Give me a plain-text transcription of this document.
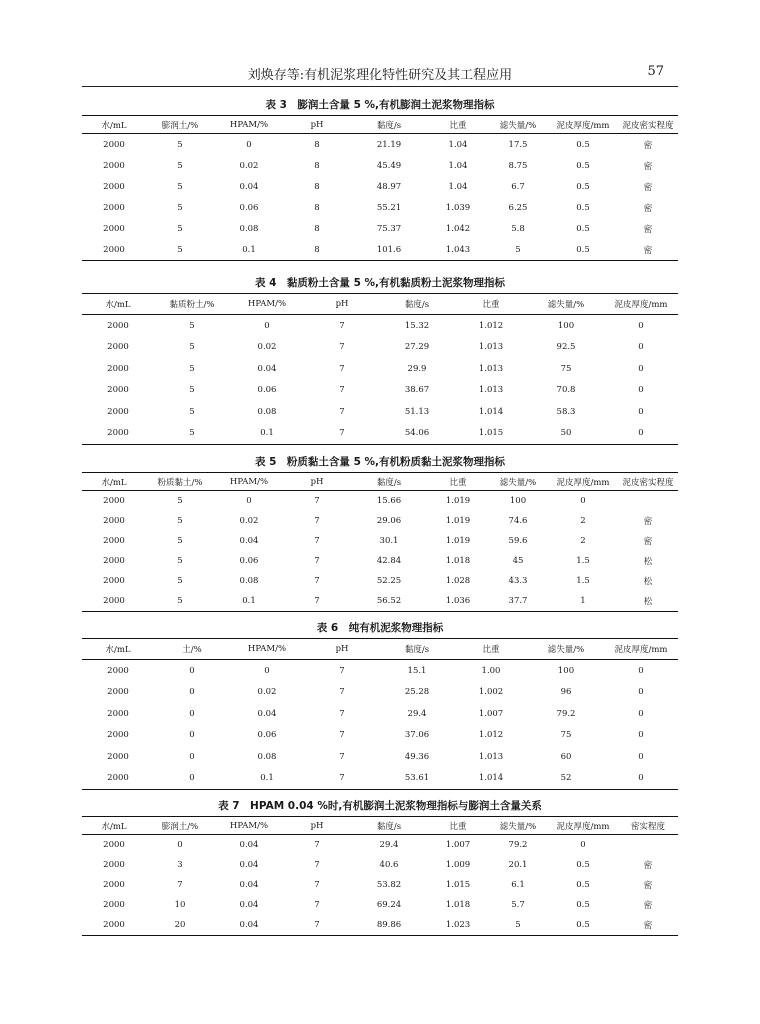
刘焕存等:有机泥浆理化特性研究及其工程应用	57
表 3　膨润土含量 5 %,有机膨润土泥浆物理指标
水/mL	膨润土/%	HPAM/%	pH	黏度/s	比重	滤失量/%	泥皮厚度/mm	泥皮密实程度
2000	5	0	8	21.19	1.04	17.5	0.5	密
2000	5	0.02	8	45.49	1.04	8.75	0.5	密
2000	5	0.04	8	48.97	1.04	6.7	0.5	密
2000	5	0.06	8	55.21	1.039	6.25	0.5	密
2000	5	0.08	8	75.37	1.042	5.8	0.5	密
2000	5	0.1	8	101.6	1.043	5	0.5	密
表 4　黏质粉土含量 5 %,有机黏质粉土泥浆物理指标
水/mL	黏质粉土/%	HPAM/%	pH	黏度/s	比重	滤失量/%	泥皮厚度/mm
2000	5	0	7	15.32	1.012	100	0
2000	5	0.02	7	27.29	1.013	92.5	0
2000	5	0.04	7	29.9	1.013	75	0
2000	5	0.06	7	38.67	1.013	70.8	0
2000	5	0.08	7	51.13	1.014	58.3	0
2000	5	0.1	7	54.06	1.015	50	0
表 5　粉质黏土含量 5 %,有机粉质黏土泥浆物理指标
水/mL	粉质黏土/%	HPAM/%	pH	黏度/s	比重	滤失量/%	泥皮厚度/mm	泥皮密实程度
2000	5	0	7	15.66	1.019	100	0	
2000	5	0.02	7	29.06	1.019	74.6	2	密
2000	5	0.04	7	30.1	1.019	59.6	2	密
2000	5	0.06	7	42.84	1.018	45	1.5	松
2000	5	0.08	7	52.25	1.028	43.3	1.5	松
2000	5	0.1	7	56.52	1.036	37.7	1	松
表 6　纯有机泥浆物理指标
水/mL	土/%	HPAM/%	pH	黏度/s	比重	滤失量/%	泥皮厚度/mm
2000	0	0	7	15.1	1.00	100	0
2000	0	0.02	7	25.28	1.002	96	0
2000	0	0.04	7	29.4	1.007	79.2	0
2000	0	0.06	7	37.06	1.012	75	0
2000	0	0.08	7	49.36	1.013	60	0
2000	0	0.1	7	53.61	1.014	52	0
表 7　HPAM 0.04 %时,有机膨润土泥浆物理指标与膨润土含量关系
水/mL	膨润土/%	HPAM/%	pH	黏度/s	比重	滤失量/%	泥皮厚度/mm	密实程度
2000	0	0.04	7	29.4	1.007	79.2	0	
2000	3	0.04	7	40.6	1.009	20.1	0.5	密
2000	7	0.04	7	53.82	1.015	6.1	0.5	密
2000	10	0.04	7	69.24	1.018	5.7	0.5	密
2000	20	0.04	7	89.86	1.023	5	0.5	密
